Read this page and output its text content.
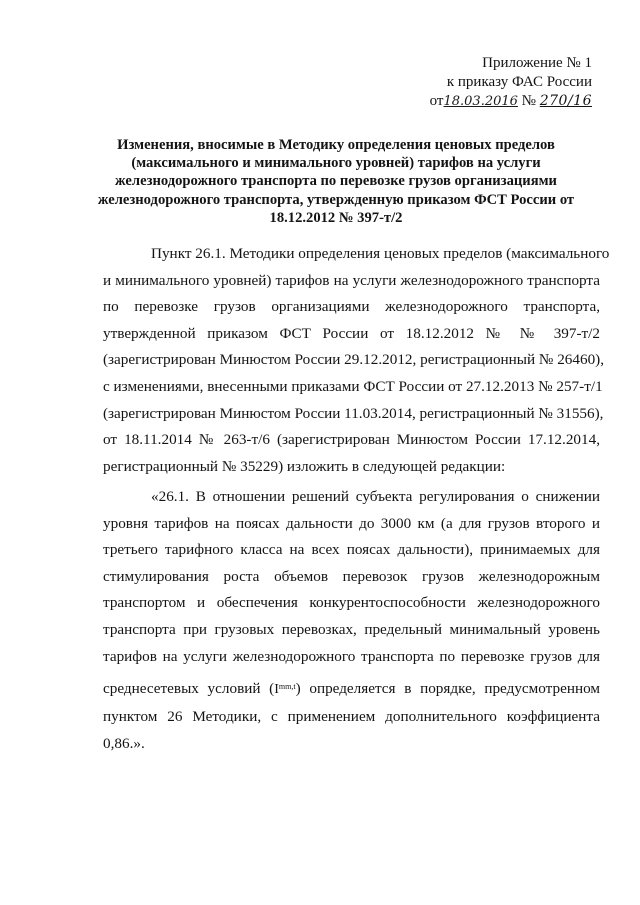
Приложение № 1
к приказу ФАС России
от18.03.2016 № 270/16
Изменения, вносимые в Методику определения ценовых пределов
(максимального и минимального уровней) тарифов на услуги
железнодорожного транспорта по перевозке грузов организациями
железнодорожного транспорта, утвержденную приказом ФСТ России от
18.12.2012 № 397-т/2
Пункт 26.1. Методики определения ценовых пределов (максимального
и минимального уровней) тарифов на услуги железнодорожного транспорта
по перевозке грузов организациями железнодорожного транспорта,
утвержденной приказом ФСТ России от 18.12.2012 № № 397-т/2
(зарегистрирован Минюстом России 29.12.2012, регистрационный № 26460),
с изменениями, внесенными приказами ФСТ России от 27.12.2013 № 257-т/1
(зарегистрирован Минюстом России 11.03.2014, регистрационный № 31556),
от 18.11.2014 № 263-т/6 (зарегистрирован Минюстом России 17.12.2014,
регистрационный № 35229) изложить в следующей редакции:
«26.1. В отношении решений субъекта регулирования о снижении
уровня тарифов на поясах дальности до 3000 км (а для грузов второго и
третьего тарифного класса на всех поясах дальности), принимаемых для
стимулирования роста объемов перевозок грузов железнодорожным
транспортом и обеспечения конкурентоспособности железнодорожного
транспорта при грузовых перевозках, предельный минимальный уровень
тарифов на услуги железнодорожного транспорта по перевозке грузов для
среднесетевых условий $(I_{mm,t})$ определяется в порядке, предусмотренном
пунктом 26 Методики, с применением дополнительного коэффициента
0,86.».
